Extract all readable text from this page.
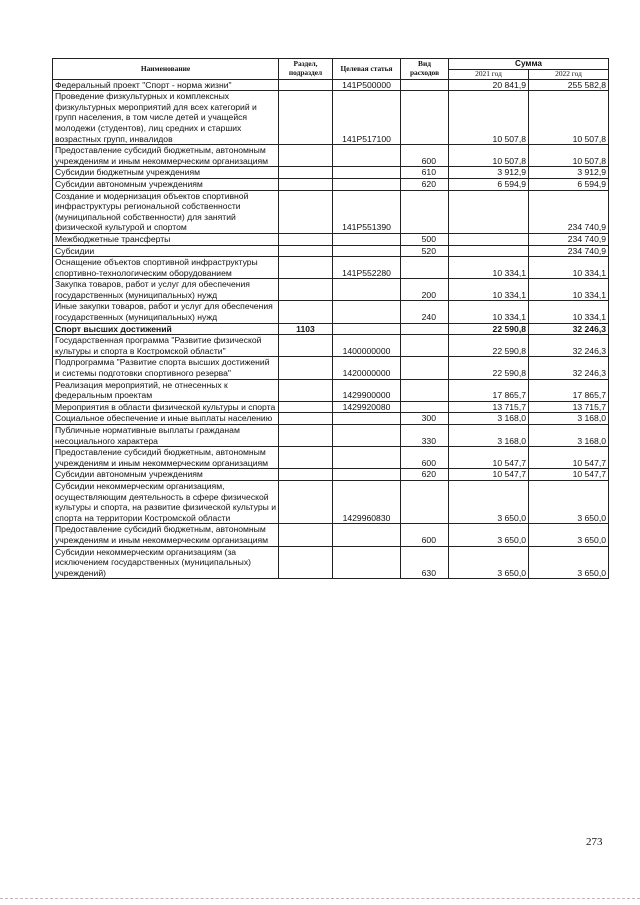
Наименование	Раздел, подраздел	Целевая статья	Вид расходов	Сумма	
				2021 год	2022 год
Федеральный проект "Спорт - норма жизни"		141P500000		20 841,9	255 582,8
Проведение физкультурных и комплексных физкультурных мероприятий для всех категорий и групп населения, в том числе детей и учащейся молодежи (студентов), лиц средних и старших возрастных групп, инвалидов		141P517100		10 507,8	10 507,8
Предоставление субсидий бюджетным, автономным учреждениям и иным некоммерческим организациям			600	10 507,8	10 507,8
Субсидии бюджетным учреждениям			610	3 912,9	3 912,9
Субсидии автономным учреждениям			620	6 594,9	6 594,9
Создание и модернизация объектов спортивной инфраструктуры региональной собственности (муниципальной собственности) для занятий физической культурой и спортом		141P551390			234 740,9
Межбюджетные трансферты			500		234 740,9
Субсидии			520		234 740,9
Оснащение объектов спортивной инфраструктуры спортивно-технологическим оборудованием		141P552280		10 334,1	10 334,1
Закупка товаров, работ и услуг для обеспечения государственных (муниципальных) нужд			200	10 334,1	10 334,1
Иные закупки товаров, работ и услуг для обеспечения государственных (муниципальных) нужд			240	10 334,1	10 334,1
Спорт высших достижений	1103			22 590,8	32 246,3
Государственная программа "Развитие физической культуры и спорта в Костромской области"		1400000000		22 590,8	32 246,3
Подпрограмма "Развитие спорта высших достижений и системы подготовки спортивного резерва"		1420000000		22 590,8	32 246,3
Реализация мероприятий, не отнесенных к федеральным проектам		1429900000		17 865,7	17 865,7
Мероприятия в области физической культуры и спорта		1429920080		13 715,7	13 715,7
Социальное обеспечение и иные выплаты населению			300	3 168,0	3 168,0
Публичные нормативные выплаты гражданам несоциального характера			330	3 168,0	3 168,0
Предоставление субсидий бюджетным, автономным учреждениям и иным некоммерческим организациям			600	10 547,7	10 547,7
Субсидии автономным учреждениям			620	10 547,7	10 547,7
Субсидии некоммерческим организациям, осуществляющим деятельность в сфере физической культуры и спорта, на развитие физической культуры и спорта на территории Костромской области		1429960830		3 650,0	3 650,0
Предоставление субсидий бюджетным, автономным учреждениям и иным некоммерческим организациям			600	3 650,0	3 650,0
Субсидии некоммерческим организациям (за исключением государственных (муниципальных) учреждений)			630	3 650,0	3 650,0
273
